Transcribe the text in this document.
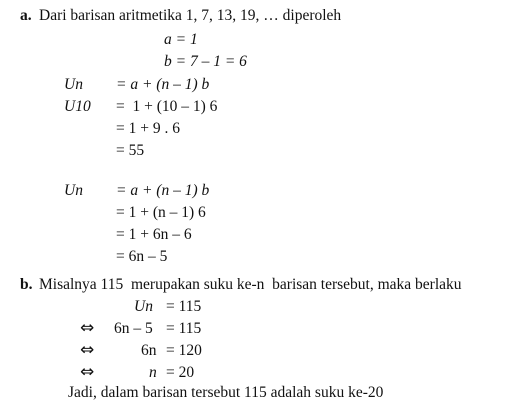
a. Dari barisan aritmetika 1, 7, 13, 19, … diperoleh
a = 1
b = 7 – 1 = 6
Un
U10
= a + (n – 1) b
=  1 + (10 – 1) 6
= 1 + 9 . 6
= 55
Un = a + (n – 1) b
= 1 + (n – 1) 6
= 1 + 6n – 6
= 6n – 5
b. Misalnya 115  merupakan suku ke-n  barisan tersebut, maka berlaku
Un = 115
⇔ 6n – 5 = 115
⇔	6n = 120
⇔	n = 20
Jadi, dalam barisan tersebut 115 adalah suku ke-20
